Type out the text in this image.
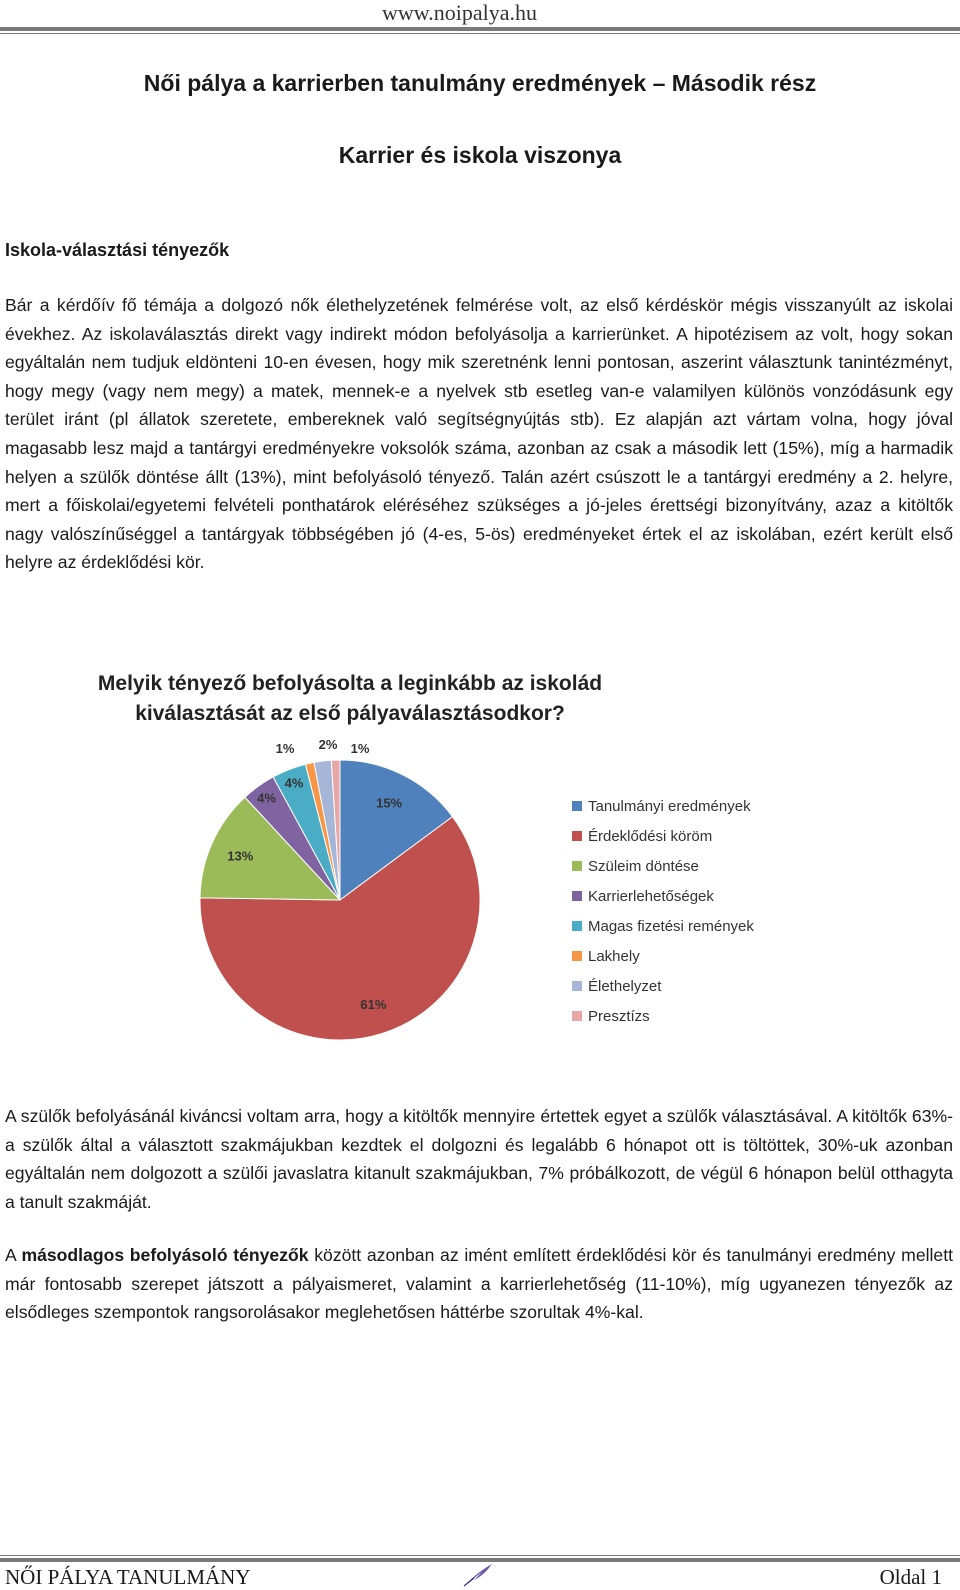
www.noipalya.hu
Női pálya a karrierben tanulmány eredmények – Második rész
Karrier és iskola viszonya
Iskola-választási tényezők

Bár a kérdőív fő témája a dolgozó nők élethelyzetének felmérése volt, az első kérdéskör mégis visszanyúlt az iskolai évekhez. Az iskolaválasztás direkt vagy indirekt módon befolyásolja a karrierünket. A hipotézisem az volt, hogy sokan egyáltalán nem tudjuk eldönteni 10-en évesen, hogy mik szeretnénk lenni pontosan, aszerint választunk tanintézményt, hogy megy (vagy nem megy) a matek, mennek-e a nyelvek stb esetleg van-e valamilyen különös vonzódásunk egy terület iránt (pl állatok szeretete, embereknek való segítségnyújtás stb). Ez alapján azt vártam volna, hogy jóval magasabb lesz majd a tantárgyi eredményekre voksolók száma, azonban az csak a második lett (15%), míg a harmadik helyen a szülők döntése állt (13%), mint befolyásoló tényező. Talán azért csúszott le a tantárgyi eredmény a 2. helyre, mert a főiskolai/egyetemi felvételi ponthatárok eléréséhez szükséges a jó-jeles érettségi bizonyítvány, azaz a kitöltők nagy valószínűséggel a tantárgyak többségében jó (4-es, 5-ös) eredményeket értek el az iskolában, ezért került első helyre az érdeklődési kör.

Melyik tényező befolyásolta a leginkább az iskolád
kiválasztását az első pályaválasztásodkor?
15%
61%
13%
4%
4%
1% 2% 1%
Tanulmányi eredmények
Érdeklődési köröm
Szüleim döntése
Karrierlehetőségek
Magas fizetési remények
Lakhely
Élethelyzet
Presztízs

A szülők befolyásánál kiváncsi voltam arra, hogy a kitöltők mennyire értettek egyet a szülők választásával. A kitöltők 63%-a szülők által a választott szakmájukban kezdtek el dolgozni és legalább 6 hónapot ott is töltöttek, 30%-uk azonban egyáltalán nem dolgozott a szülői javaslatra kitanult szakmájukban, 7% próbálkozott, de végül 6 hónapon belül otthagyta a tanult szakmáját.

A másodlagos befolyásoló tényezők között azonban az imént említett érdeklődési kör és tanulmányi eredmény mellett már fontosabb szerepet játszott a pályaismeret, valamint a karrierlehetőség (11-10%), míg ugyanezen tényezők az elsődleges szempontok rangsorolásakor meglehetősen háttérbe szorultak 4%-kal.

NŐI PÁLYA TANULMÁNY	Oldal 1
